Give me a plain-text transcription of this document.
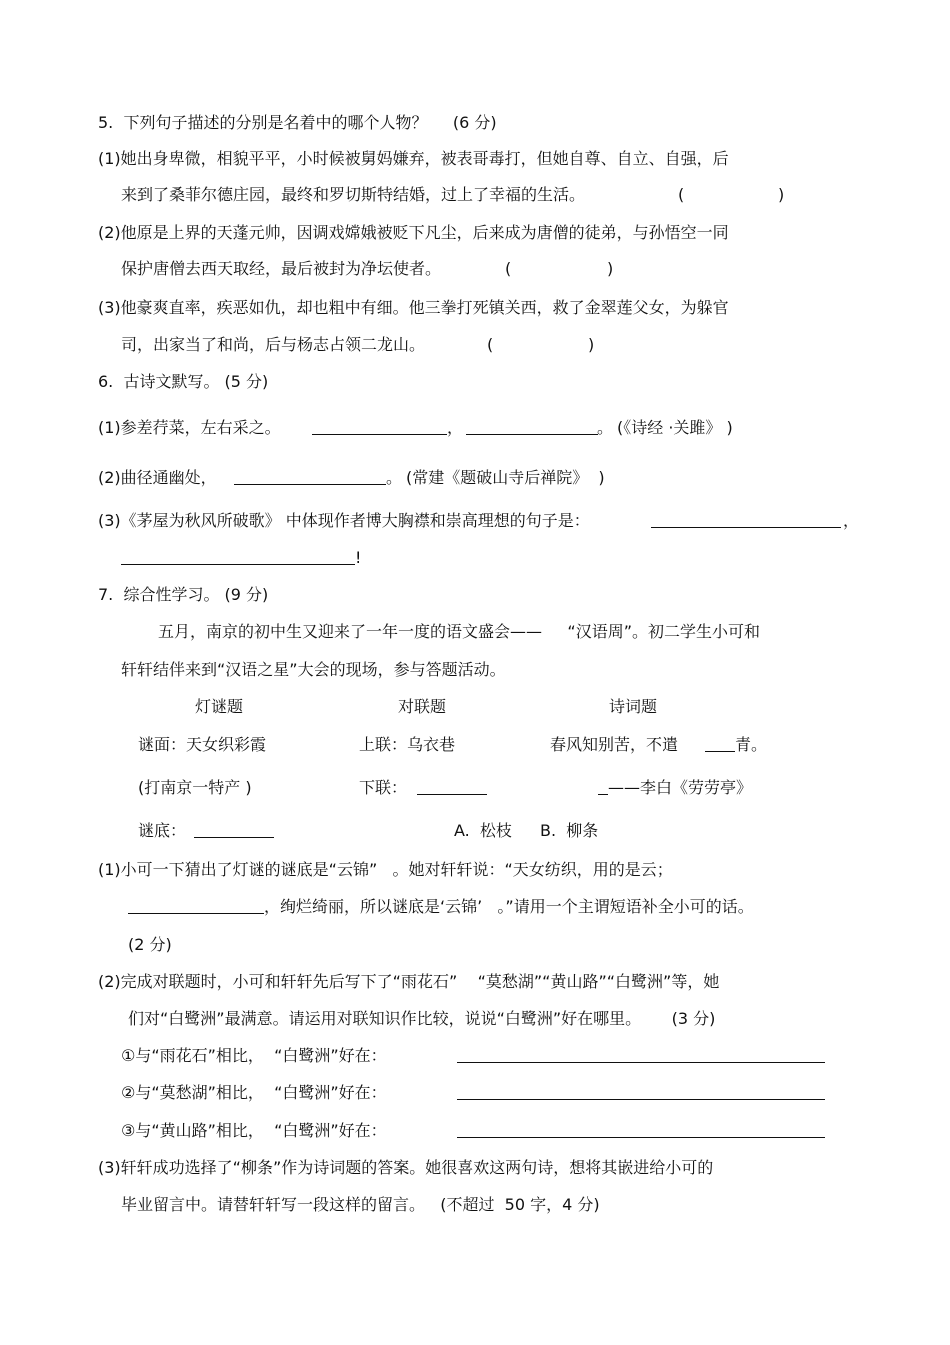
5.  下列句子描述的分别是名着中的哪个人物？     (6 分)
(1)她出身卑微，相貌平平，小时候被舅妈嫌弃，被表哥毒打，但她自尊、自立、自强，后
来到了桑菲尔德庄园，最终和罗切斯特结婚，过上了幸福的生活。	(	)
(2)他原是上界的天蓬元帅，因调戏嫦娥被贬下凡尘，后来成为唐僧的徒弟，与孙悟空一同
保护唐僧去西天取经，最后被封为净坛使者。	(	)
(3)他豪爽直率，疾恶如仇，却也粗中有细。他三拳打死镇关西，救了金翠莲父女，为躲官
司，出家当了和尚，后与杨志占领二龙山。	(	)
6.  古诗文默写。 (5 分)
(1)参差荇菜，左右采之。	，	。 (《诗经 ·关雎》 )
(2)曲径通幽处，	。 (常建《题破山寺后禅院》  )
(3)《茅屋为秋风所破歌》 中体现作者博大胸襟和崇高理想的句子是：	，
!
7.  综合性学习。 (9 分)
五月，南京的初中生又迎来了一年一度的语文盛会——     “汉语周”。初二学生小可和
轩轩结伴来到“汉语之星”大会的现场，参与答题活动。
灯谜题	对联题	诗词题
谜面：天女织彩霞	上联：乌衣巷	春风知别苦，不遣	青。
(打南京一特产 )	下联：	——李白《劳劳亭》
谜底：	A.  松枝 B.  柳条
(1)小可一下猜出了灯谜的谜底是“云锦”   。她对轩轩说：“天女纺织，用的是云；
，绚烂绮丽，所以谜底是‘云锦’   。”请用一个主谓短语补全小可的话。
(2 分)
(2)完成对联题时，小可和轩轩先后写下了“雨花石”    “莫愁湖”“黄山路”“白鹭洲”等，她
们对“白鹭洲”最满意。请运用对联知识作比较，说说“白鹭洲”好在哪里。      (3 分)
①与“雨花石”相比，  “白鹭洲”好在：
②与“莫愁湖”相比，  “白鹭洲”好在：
③与“黄山路”相比，  “白鹭洲”好在：
(3)轩轩成功选择了“柳条”作为诗词题的答案。她很喜欢这两句诗，想将其嵌进给小可的
毕业留言中。请替轩轩写一段这样的留言。   (不超过  50 字，4 分)
